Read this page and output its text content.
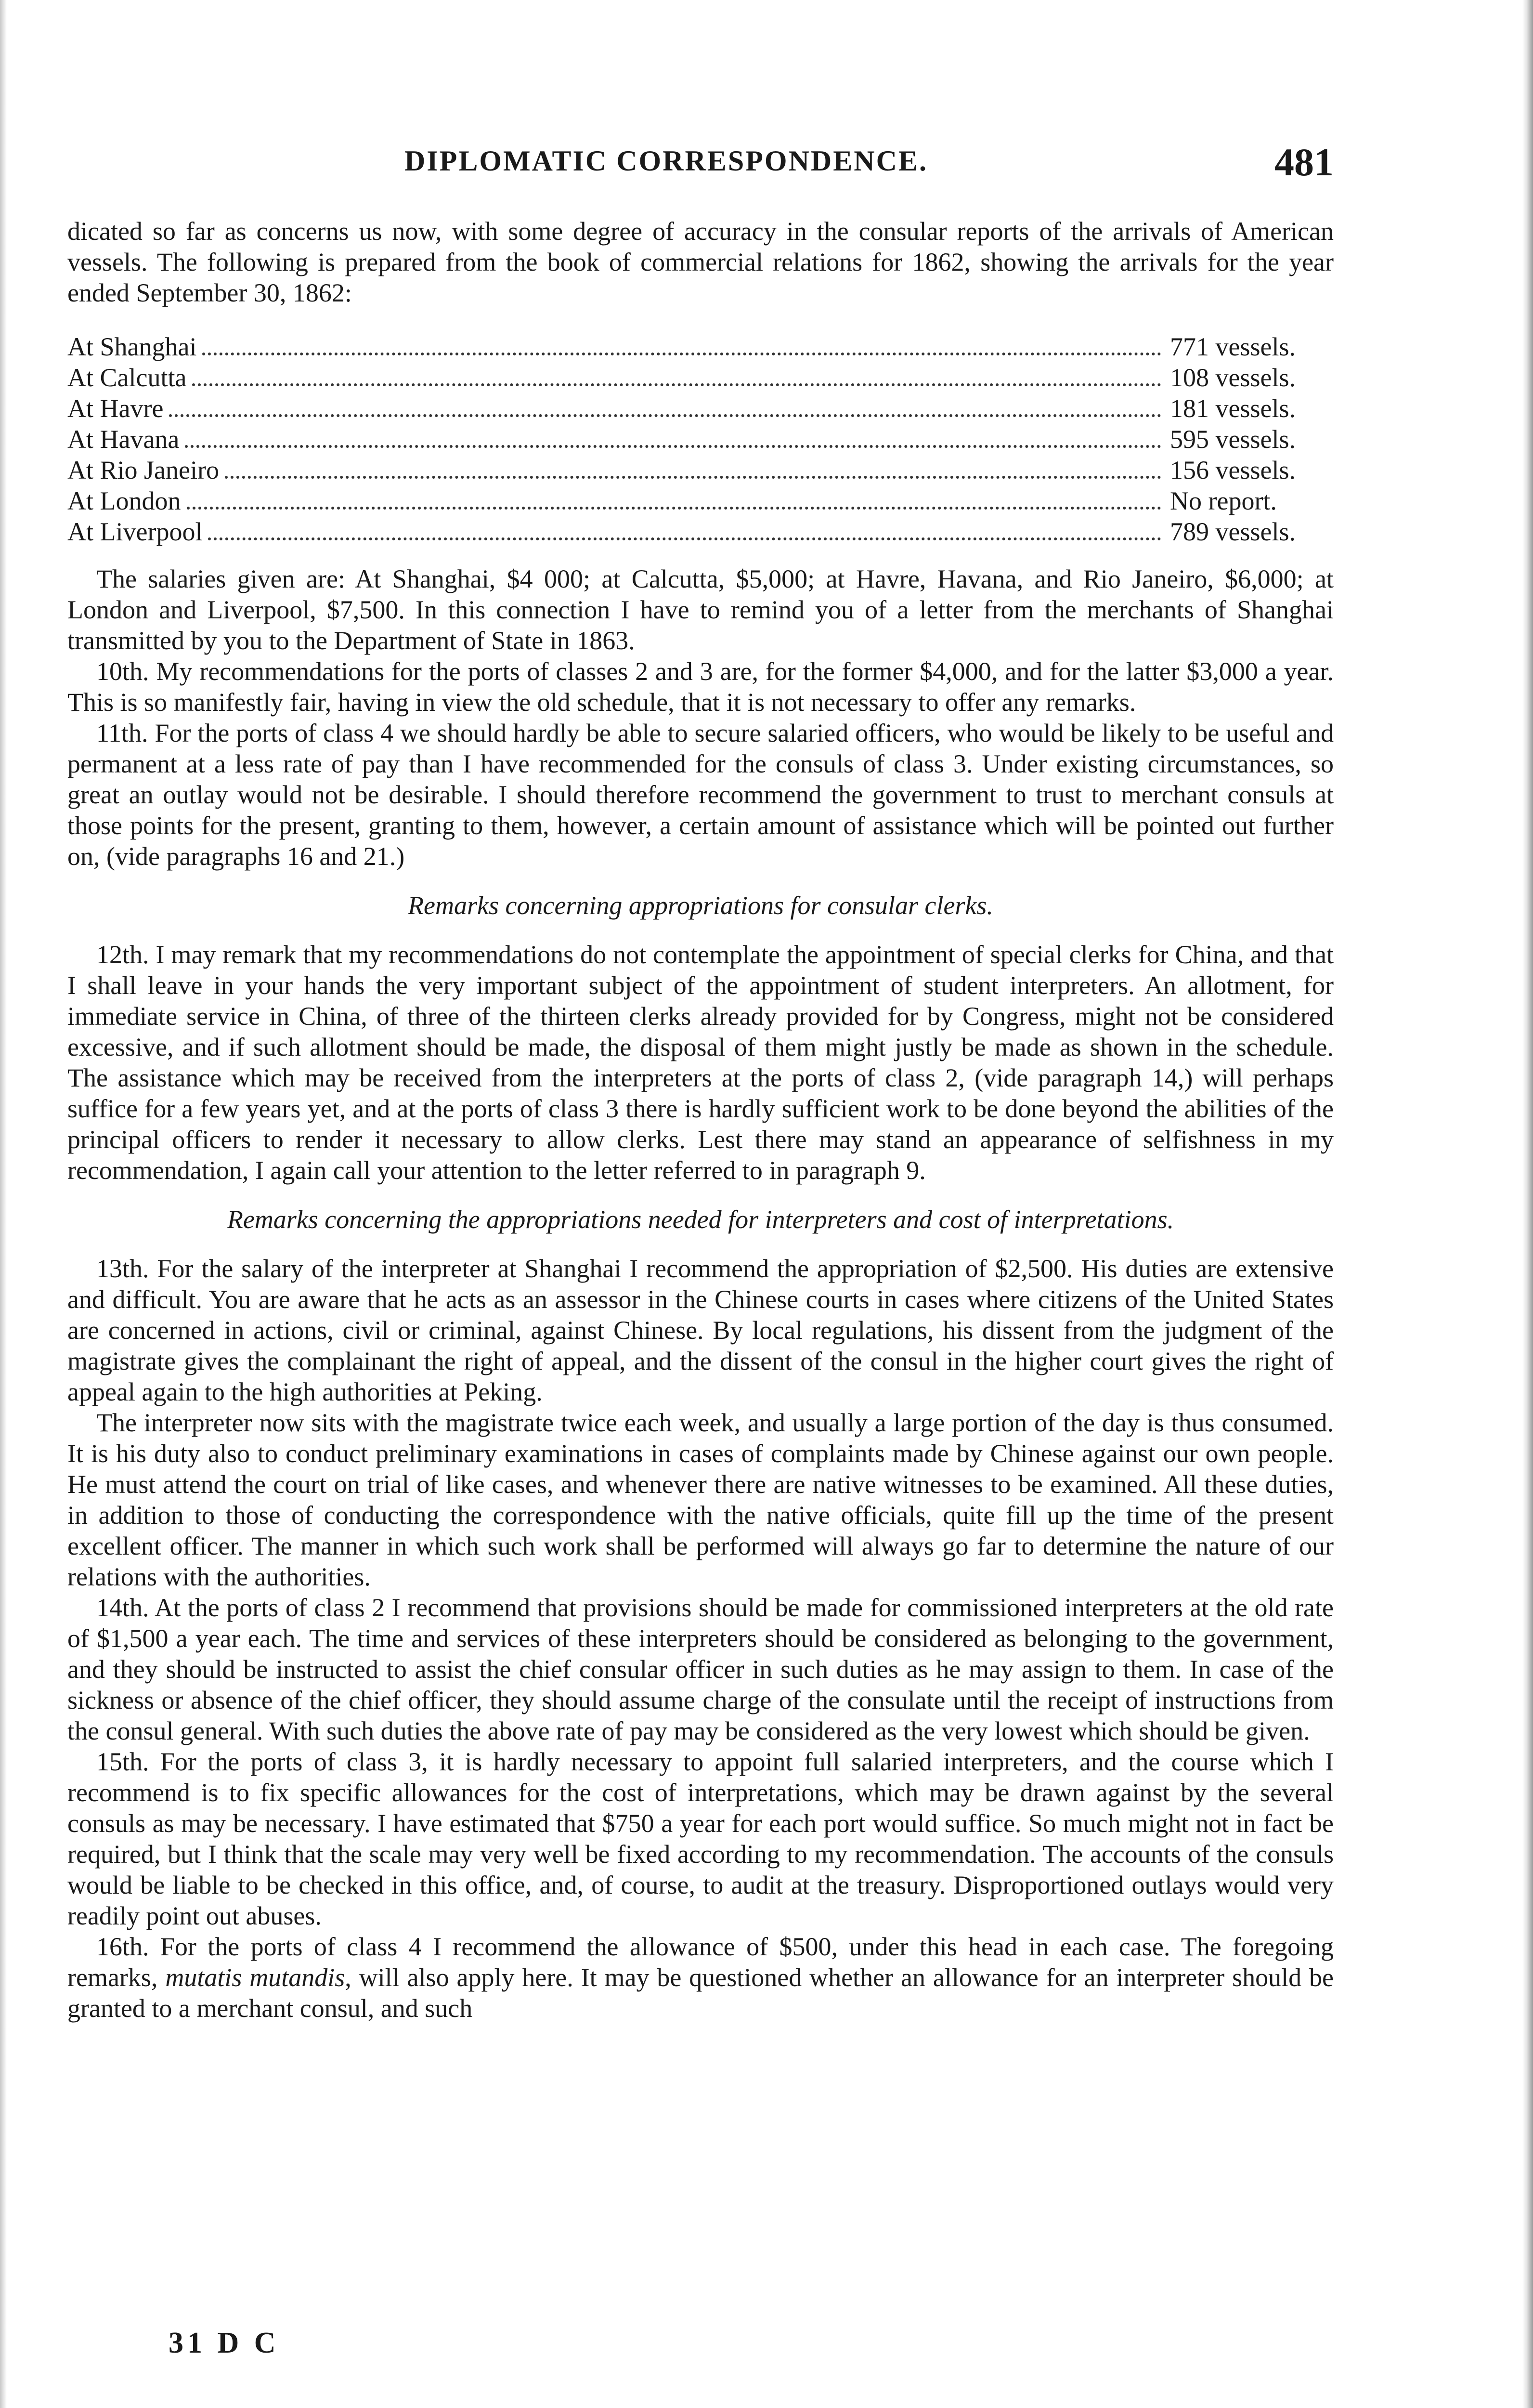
DIPLOMATIC CORRESPONDENCE.	481

dicated so far as concerns us now, with some degree of accuracy in the consular reports of the arrivals of American vessels. The following is prepared from the book of commercial relations for 1862, showing the arrivals for the year ended September 30, 1862:

At Shanghai	771 vessels.
At Calcutta	108 vessels.
At Havre	181 vessels.
At Havana	595 vessels.
At Rio Janeiro	156 vessels.
At London	No report.
At Liverpool	789 vessels.

The salaries given are: At Shanghai, $4 000; at Calcutta, $5,000; at Havre, Havana, and Rio Janeiro, $6,000; at London and Liverpool, $7,500. In this connection I have to remind you of a letter from the merchants of Shanghai transmitted by you to the Department of State in 1863.

10th. My recommendations for the ports of classes 2 and 3 are, for the former $4,000, and for the latter $3,000 a year. This is so manifestly fair, having in view the old schedule, that it is not necessary to offer any remarks.

11th. For the ports of class 4 we should hardly be able to secure salaried officers, who would be likely to be useful and permanent at a less rate of pay than I have recommended for the consuls of class 3. Under existing circumstances, so great an outlay would not be desirable. I should therefore recommend the government to trust to merchant consuls at those points for the present, granting to them, however, a certain amount of assistance which will be pointed out further on, (vide paragraphs 16 and 21.)

Remarks concerning appropriations for consular clerks.

12th. I may remark that my recommendations do not contemplate the appointment of special clerks for China, and that I shall leave in your hands the very important subject of the appointment of student interpreters. An allotment, for immediate service in China, of three of the thirteen clerks already provided for by Congress, might not be considered excessive, and if such allotment should be made, the disposal of them might justly be made as shown in the schedule. The assistance which may be received from the interpreters at the ports of class 2, (vide paragraph 14,) will perhaps suffice for a few years yet, and at the ports of class 3 there is hardly sufficient work to be done beyond the abilities of the principal officers to render it necessary to allow clerks. Lest there may stand an appearance of selfishness in my recommendation, I again call your attention to the letter referred to in paragraph 9.

Remarks concerning the appropriations needed for interpreters and cost of interpretations.

13th. For the salary of the interpreter at Shanghai I recommend the appropriation of $2,500. His duties are extensive and difficult. You are aware that he acts as an assessor in the Chinese courts in cases where citizens of the United States are concerned in actions, civil or criminal, against Chinese. By local regulations, his dissent from the judgment of the magistrate gives the complainant the right of appeal, and the dissent of the consul in the higher court gives the right of appeal again to the high authorities at Peking.

The interpreter now sits with the magistrate twice each week, and usually a large portion of the day is thus consumed. It is his duty also to conduct preliminary examinations in cases of complaints made by Chinese against our own people. He must attend the court on trial of like cases, and whenever there are native witnesses to be examined. All these duties, in addition to those of conducting the correspondence with the native officials, quite fill up the time of the present excellent officer. The manner in which such work shall be performed will always go far to determine the nature of our relations with the authorities.

14th. At the ports of class 2 I recommend that provisions should be made for commissioned interpreters at the old rate of $1,500 a year each. The time and services of these interpreters should be considered as belonging to the government, and they should be instructed to assist the chief consular officer in such duties as he may assign to them. In case of the sickness or absence of the chief officer, they should assume charge of the consulate until the receipt of instructions from the consul general. With such duties the above rate of pay may be considered as the very lowest which should be given.

15th. For the ports of class 3, it is hardly necessary to appoint full salaried interpreters, and the course which I recommend is to fix specific allowances for the cost of interpretations, which may be drawn against by the several consuls as may be necessary. I have estimated that $750 a year for each port would suffice. So much might not in fact be required, but I think that the scale may very well be fixed according to my recommendation. The accounts of the consuls would be liable to be checked in this office, and, of course, to audit at the treasury. Disproportioned outlays would very readily point out abuses.

16th. For the ports of class 4 I recommend the allowance of $500, under this head in each case. The foregoing remarks, mutatis mutandis, will also apply here. It may be questioned whether an allowance for an interpreter should be granted to a merchant consul, and such

31 D C
